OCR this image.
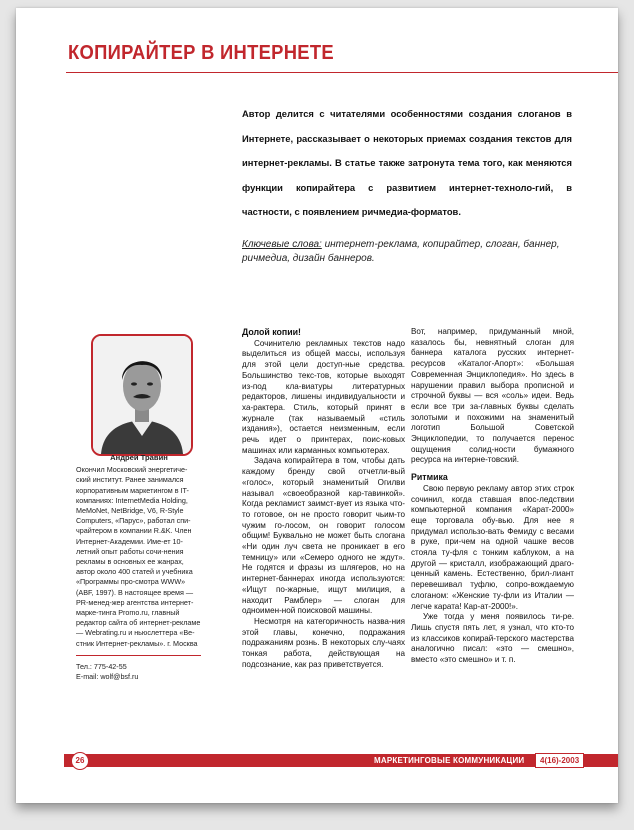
КОПИРАЙТЕР В ИНТЕРНЕТЕ
Автор делится с читателями особенностями создания слоганов в Интернете, рассказывает о некоторых приемах создания текстов для интернет-рекламы. В статье также затронута тема того, как меняются функции копирайтера с развитием интернет-техноло-гий, в частности, с появлением ричмедиа-форматов.
Ключевые слова: интернет-реклама, копирайтер, слоган, баннер, ричмедиа, дизайн баннеров.
Андрей Травин
Окончил Московский энергетиче-ский институт. Ранее занимался корпоративным маркетингом в IT-компаниях: InternetMedia Holding, MeMoNet, NetBridge, V6, R-Style Computers, «Парус», работал спи-чрайтером в компании R.&K. Член Интернет-Академии. Име-ет 10-летний опыт работы сочи-нения рекламы в основных ее жанрах, автор около 400 статей и учебника «Программы про-смотра WWW» (ABF, 1997). В настоящее время — PR-менед-жер агентства интернет-маркe-тинга Promo.ru, главный редактор сайта об интернет-рекламе — Webrating.ru и ньюслеттера «Ве-стник Интернет-рекламы». г. Москва
Тел.: 775-42-55
E-mail: wolf@bsf.ru
Долой копии!

Сочинителю рекламных текстов надо выделиться из общей массы, используя для этой цели доступ-ные средства. Большинство текс-тов, которые выходят из-под кла-виатуры литературных редакторов, лишены индивидуальности и ха-рактера. Стиль, который принят в журнале (так называемый «стиль издания»), остается неизменным, если речь идет о принтерах, поис-ковых машинах или карманных компьютерах.

Задача копирайтера в том, чтобы дать каждому бренду свой отчетли-вый «голос», который знаменитый Огилви называл «своеобразной кар-тавинкой». Когда рекламист заимст-вует из языка что-то готовое, он не просто говорит чьим-то чужим го-лосом, он говорит голосом общим! Буквально не может быть слогана «Ни один луч света не проникает в его темницу» или «Семеро одного не ждут». Не годятся и фразы из шлягеров, но на интернет-баннерах иногда используются: «Ищут по-жарные, ищут милиция, а находит Рамблер» — слоган для одноимен-ной поисковой машины.

Несмотря на категоричность назва-ния этой главы, конечно, подражания подражаниям рознь. В некоторых слу-чаях тонкая работа, действующая на подсознание, как раз приветствуется.

Вот, например, придуманный мной, казалось бы, невнятный слоган для баннера каталога русских интернет-ресурсов «Каталог-Апорт»: «Большая Современная Энциклопедия». Но здесь в нарушении правил выбора прописной и строчной буквы — вся «соль» идеи. Ведь если все три за-главных буквы сделать золотыми и похожими на знаменитый логотип Большой Советской Энциклопедии, то получается перенос ощущения солид-ности бумажного ресурса на интерне-товский.

Ритмика

Свою первую рекламу автор этих строк сочинил, когда ставшая впос-ледствии компьютерной компания «Карат-2000» еще торговала обу-вью. Для нее я придумал использо-вать Фемиду с весами в руке, при-чем на одной чашке весов стояла ту-фля с тонким каблуком, а на другой — кристалл, изображающий драго-ценный камень. Естественно, брил-лиант перевешивал туфлю, сопро-вождаемую слоганом: «Женские ту-фли из Италии — легче карата! Кар-ат-2000!».

Уже тогда у меня появилось ти-ре. Лишь спустя пять лет, я узнал, что кто-то из классиков копирай-терского мастерства аналогично писал: «это — смешно», вместо «это смешно» и т. п.

26	МАРКЕТИНГОВЫЕ КОММУНИКАЦИИ	4(16)-2003
